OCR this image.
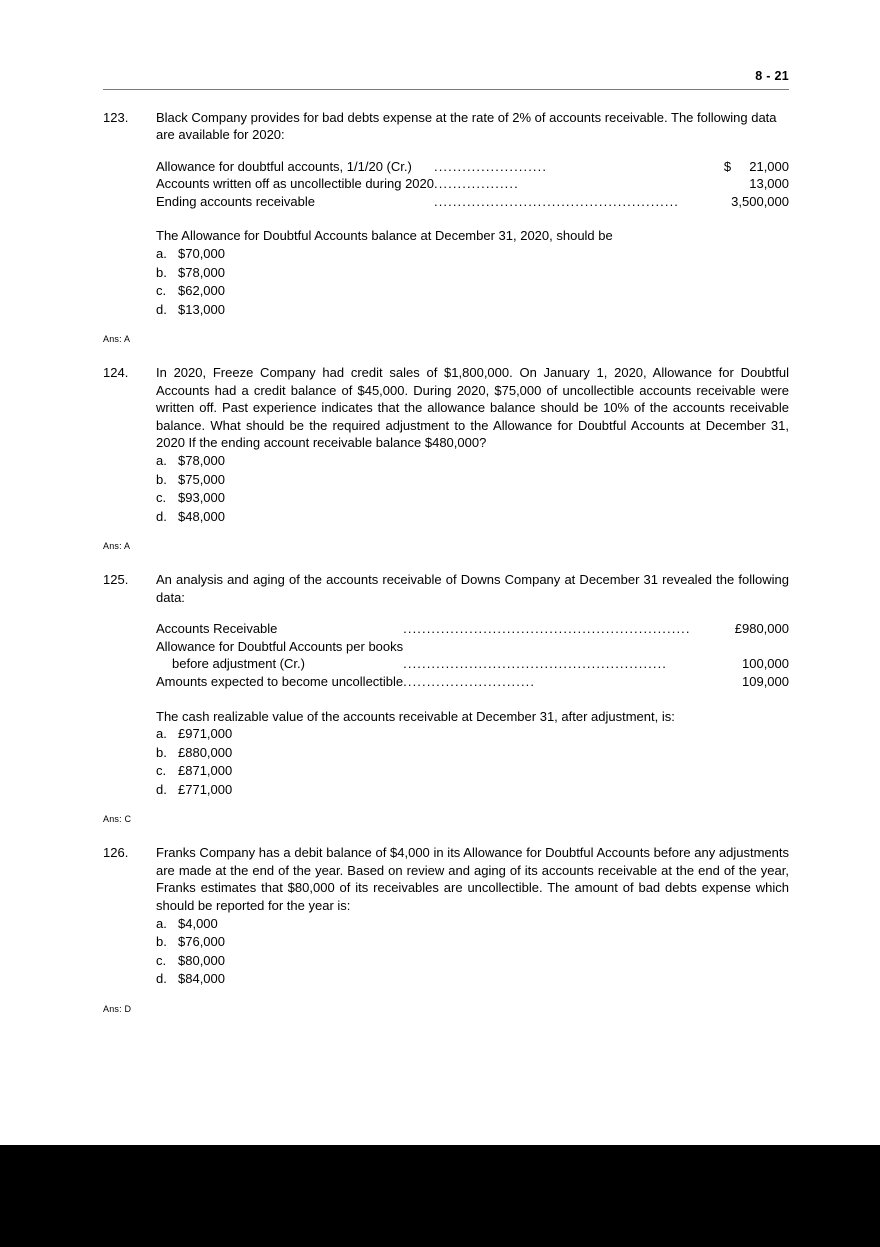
8 - 21
123.	Black Company provides for bad debts expense at the rate of 2% of accounts receivable. The following data are available for 2020:
Allowance for doubtful accounts, 1/1/20 (Cr.)	........................	$	21,000
Accounts written off as uncollectible during 2020	..................		13,000
Ending accounts receivable	....................................................		3,500,000
The Allowance for Doubtful Accounts balance at December 31, 2020, should be
a. $70,000
b. $78,000
c. $62,000
d. $13,000
Ans: A
124.	In 2020, Freeze Company had credit sales of $1,800,000. On January 1, 2020, Allowance for Doubtful Accounts had a credit balance of $45,000. During 2020, $75,000 of uncollectible accounts receivable were written off. Past experience indicates that the allowance balance should be 10% of the accounts receivable balance. What should be the required adjustment to the Allowance for Doubtful Accounts at December 31, 2020 If the ending account receivable balance $480,000?
a. $78,000
b. $75,000
c. $93,000
d. $48,000
Ans: A
125.	An analysis and aging of the accounts receivable of Downs Company at December 31 revealed the following data:
Accounts Receivable	.............................................................		£980,000
Allowance for Doubtful Accounts per books	

before adjustment (Cr.)	........................................................		100,000
Amounts expected to become uncollectible	............................		109,000
The cash realizable value of the accounts receivable at December 31, after adjustment, is:
a. £971,000
b. £880,000
c. £871,000
d. £771,000
Ans: C
126.	Franks Company has a debit balance of $4,000 in its Allowance for Doubtful Accounts before any adjustments are made at the end of the year. Based on review and aging of its accounts receivable at the end of the year, Franks estimates that $80,000 of its receivables are uncollectible. The amount of bad debts expense which should be reported for the year is:
a. $4,000
b. $76,000
c. $80,000
d. $84,000
Ans: D
